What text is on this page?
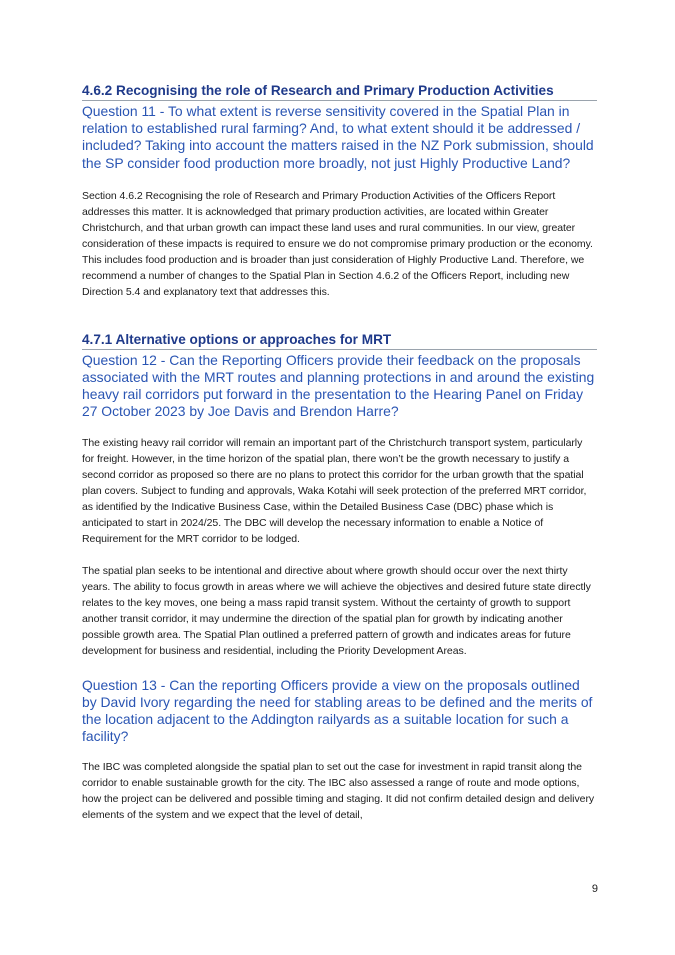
4.6.2 Recognising the role of Research and Primary Production Activities

Question 11 - To what extent is reverse sensitivity covered in the Spatial Plan in relation to established rural farming? And, to what extent should it be addressed / included? Taking into account the matters raised in the NZ Pork submission, should the SP consider food production more broadly, not just Highly Productive Land?

Section 4.6.2 Recognising the role of Research and Primary Production Activities of the Officers Report addresses this matter. It is acknowledged that primary production activities, are located within Greater Christchurch, and that urban growth can impact these land uses and rural communities. In our view, greater consideration of these impacts is required to ensure we do not compromise primary production or the economy. This includes food production and is broader than just consideration of Highly Productive Land. Therefore, we recommend a number of changes to the Spatial Plan in Section 4.6.2 of the Officers Report, including new Direction 5.4 and explanatory text that addresses this.

4.7.1 Alternative options or approaches for MRT

Question 12 - Can the Reporting Officers provide their feedback on the proposals associated with the MRT routes and planning protections in and around the existing heavy rail corridors put forward in the presentation to the Hearing Panel on Friday 27 October 2023 by Joe Davis and Brendon Harre?

The existing heavy rail corridor will remain an important part of the Christchurch transport system, particularly for freight. However, in the time horizon of the spatial plan, there won’t be the growth necessary to justify a second corridor as proposed so there are no plans to protect this corridor for the urban growth that the spatial plan covers. Subject to funding and approvals, Waka Kotahi will seek protection of the preferred MRT corridor, as identified by the Indicative Business Case, within the Detailed Business Case (DBC) phase which is anticipated to start in 2024/25. The DBC will develop the necessary information to enable a Notice of Requirement for the MRT corridor to be lodged.

The spatial plan seeks to be intentional and directive about where growth should occur over the next thirty years. The ability to focus growth in areas where we will achieve the objectives and desired future state directly relates to the key moves, one being a mass rapid transit system. Without the certainty of growth to support another transit corridor, it may undermine the direction of the spatial plan for growth by indicating another possible growth area. The Spatial Plan outlined a preferred pattern of growth and indicates areas for future development for business and residential, including the Priority Development Areas.

Question 13 - Can the reporting Officers provide a view on the proposals outlined by David Ivory regarding the need for stabling areas to be defined and the merits of the location adjacent to the Addington railyards as a suitable location for such a facility?

The IBC was completed alongside the spatial plan to set out the case for investment in rapid transit along the corridor to enable sustainable growth for the city. The IBC also assessed a range of route and mode options, how the project can be delivered and possible timing and staging. It did not confirm detailed design and delivery elements of the system and we expect that the level of detail,

9
